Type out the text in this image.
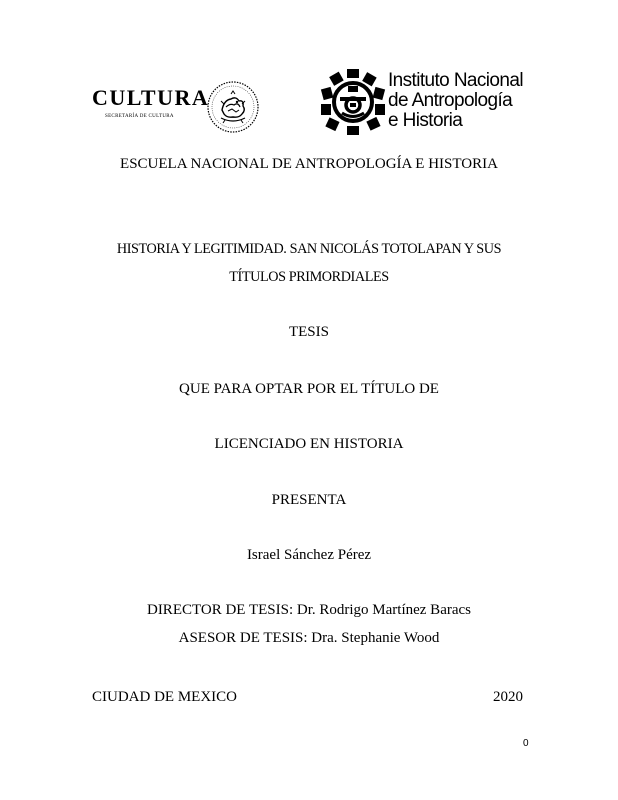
CULTURA
SECRETARÍA DE CULTURA
Instituto Nacional
de Antropología
e Historia
ESCUELA NACIONAL DE ANTROPOLOGÍA E HISTORIA
HISTORIA Y LEGITIMIDAD. SAN NICOLÁS TOTOLAPAN Y SUS
TÍTULOS PRIMORDIALES
TESIS
QUE PARA OPTAR POR EL TÍTULO DE
LICENCIADO EN HISTORIA
PRESENTA
Israel Sánchez Pérez
DIRECTOR DE TESIS: Dr. Rodrigo Martínez Baracs
ASESOR DE TESIS: Dra. Stephanie Wood
CIUDAD DE MEXICO	2020
0
